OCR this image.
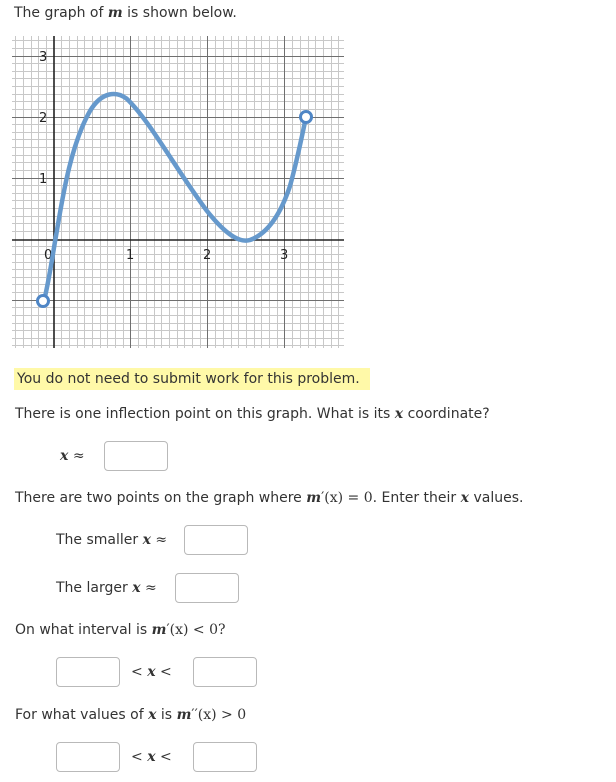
The graph of m is shown below.
0	1	2	3
1
2
3
You do not need to submit work for this problem.
There is one inflection point on this graph. What is its x coordinate?
x ≈
There are two points on the graph where m′(x) = 0. Enter their x values.
The smaller x ≈
The larger x ≈
On what interval is m′(x) < 0?
< x <
For what values of x is m′′(x) > 0
< x <
